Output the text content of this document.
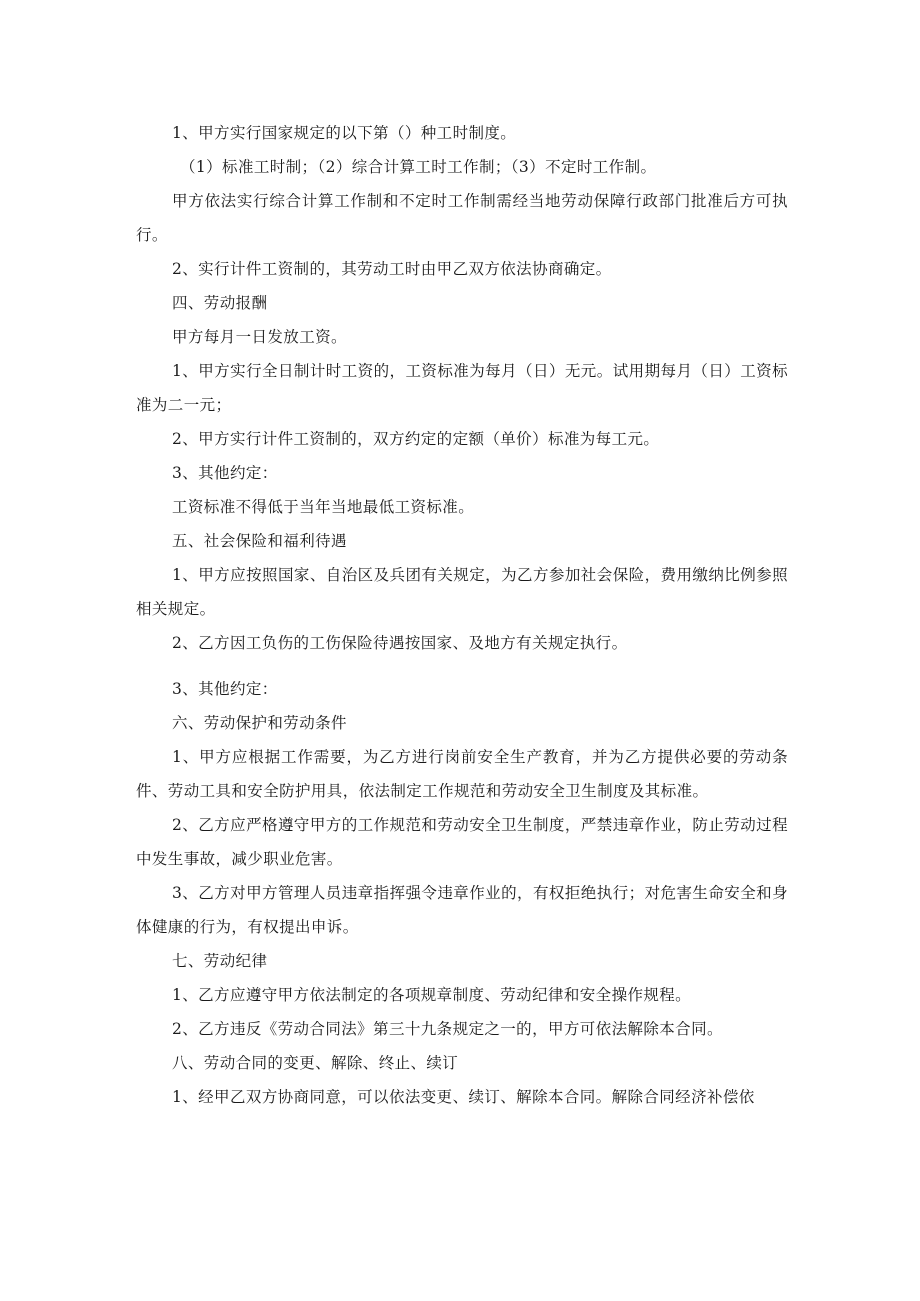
1、甲方实行国家规定的以下第（）种工时制度。

（1）标准工时制；（2）综合计算工时工作制；（3）不定时工作制。

甲方依法实行综合计算工作制和不定时工作制需经当地劳动保障行政部门批准后方可执行。

2、实行计件工资制的，其劳动工时由甲乙双方依法协商确定。

四、劳动报酬

甲方每月一日发放工资。

1、甲方实行全日制计时工资的，工资标准为每月（日）无元。试用期每月（日）工资标准为二一元；

2、甲方实行计件工资制的，双方约定的定额（单价）标准为每工元。

3、其他约定：

工资标准不得低于当年当地最低工资标准。

五、社会保险和福利待遇

1、甲方应按照国家、自治区及兵团有关规定，为乙方参加社会保险，费用缴纳比例参照相关规定。

2、乙方因工负伤的工伤保险待遇按国家、及地方有关规定执行。

3、其他约定：

六、劳动保护和劳动条件

1、甲方应根据工作需要，为乙方进行岗前安全生产教育，并为乙方提供必要的劳动条件、劳动工具和安全防护用具，依法制定工作规范和劳动安全卫生制度及其标准。

2、乙方应严格遵守甲方的工作规范和劳动安全卫生制度，严禁违章作业，防止劳动过程中发生事故，减少职业危害。

3、乙方对甲方管理人员违章指挥强令违章作业的，有权拒绝执行；对危害生命安全和身体健康的行为，有权提出申诉。

七、劳动纪律

1、乙方应遵守甲方依法制定的各项规章制度、劳动纪律和安全操作规程。

2、乙方违反《劳动合同法》第三十九条规定之一的，甲方可依法解除本合同。

八、劳动合同的变更、解除、终止、续订

1、经甲乙双方协商同意，可以依法变更、续订、解除本合同。解除合同经济补偿依
